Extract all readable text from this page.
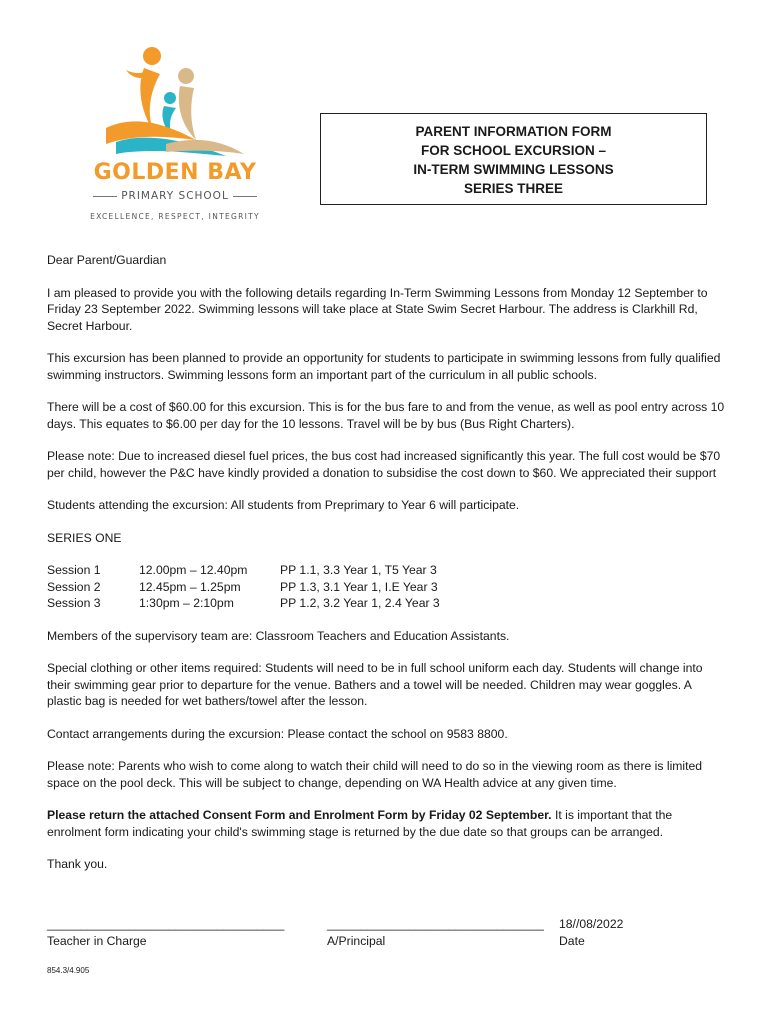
GOLDEN BAY
PRIMARY SCHOOL
EXCELLENCE, RESPECT, INTEGRITY
PARENT INFORMATION FORM
FOR SCHOOL EXCURSION –
IN-TERM SWIMMING LESSONS
SERIES THREE

Dear Parent/Guardian

I am pleased to provide you with the following details regarding In-Term Swimming Lessons from Monday 12 September to Friday 23 September 2022. Swimming lessons will take place at State Swim Secret Harbour. The address is Clarkhill Rd, Secret Harbour.

This excursion has been planned to provide an opportunity for students to participate in swimming lessons from fully qualified swimming instructors. Swimming lessons form an important part of the curriculum in all public schools.

There will be a cost of $60.00 for this excursion. This is for the bus fare to and from the venue, as well as pool entry across 10 days. This equates to $6.00 per day for the 10 lessons. Travel will be by bus (Bus Right Charters).

Please note: Due to increased diesel fuel prices, the bus cost had increased significantly this year. The full cost would be $70 per child, however the P&C have kindly provided a donation to subsidise the cost down to $60. We appreciated their support

Students attending the excursion: All students from Preprimary to Year 6 will participate.

SERIES ONE

Session 1	12.00pm – 12.40pm	PP 1.1, 3.3 Year 1, T5 Year 3
Session 2	12.45pm – 1.25pm	PP 1.3, 3.1 Year 1, I.E Year 3
Session 3	1:30pm – 2:10pm	PP 1.2, 3.2 Year 1, 2.4 Year 3

Members of the supervisory team are: Classroom Teachers and Education Assistants.

Special clothing or other items required: Students will need to be in full school uniform each day. Students will change into their swimming gear prior to departure for the venue. Bathers and a towel will be needed. Children may wear goggles. A plastic bag is needed for wet bathers/towel after the lesson.

Contact arrangements during the excursion: Please contact the school on 9583 8800.

Please note: Parents who wish to come along to watch their child will need to do so in the viewing room as there is limited space on the pool deck. This will be subject to change, depending on WA Health advice at any given time.

Please return the attached Consent Form and Enrolment Form by Friday 02 September. It is important that the enrolment form indicating your child's swimming stage is returned by the due date so that groups can be arranged.

Thank you.

___________________________________
Teacher in Charge
________________________________
A/Principal
18//08/2022
Date
854.3/4.905
